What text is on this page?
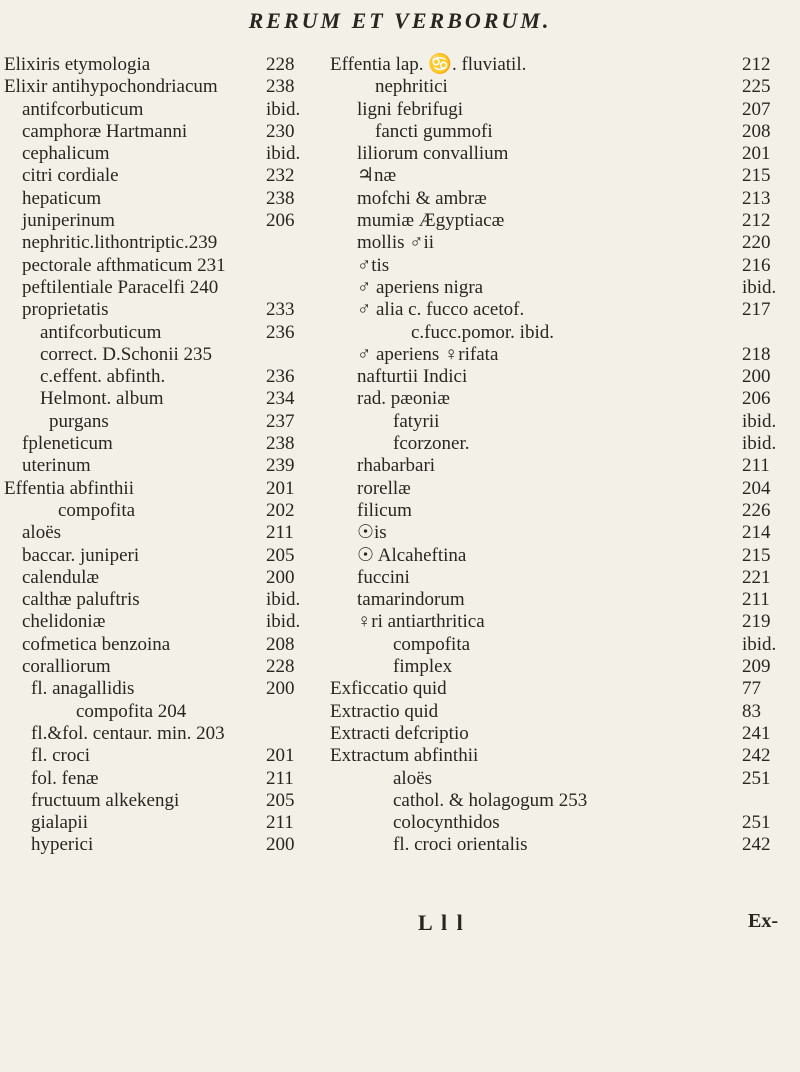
RERUM ET VERBORUM.
Elixiris etymologia	228
Elixir antihypochondriacum	238
antifcorbuticum	ibid.
camphoræ Hartmanni	230
cephalicum	ibid.
citri cordiale	232
hepaticum	238
juniperinum	206
nephritic.lithontriptic.239
pectorale afthmaticum 231
peftilentiale Paracelfi 240
proprietatis	233
antifcorbuticum	236
correct. D.Schonii 235
c.effent. abfinth.	236
Helmont. album	234
purgans	237
fpleneticum	238
uterinum	239
Effentia abfinthii	201
compofita	202
aloës	211
baccar. juniperi	205
calendulæ	200
calthæ paluftris	ibid.
chelidoniæ	ibid.
cofmetica benzoina	208
coralliorum	228
fl. anagallidis	200
compofita 204
fl.&fol. centaur. min. 203
fl. croci	201
fol. fenæ	211
fructuum alkekengi	205
gialapii	211
hyperici	200
Effentia lap. ♋. fluviatil.	212
nephritici	225
ligni febrifugi	207
fancti gummofi	208
liliorum convallium	201
♃næ	215
mofchi & ambræ	213
mumiæ Ægyptiacæ	212
mollis ♂ii	220
♂tis	216
♂ aperiens nigra	ibid.
♂ alia c. fucco acetof.	217
c.fucc.pomor. ibid.
♂ aperiens ♀rifata	218
nafturtii Indici	200
rad. pæoniæ	206
fatyrii	ibid.
fcorzoner.	ibid.
rhabarbari	211
rorellæ	204
filicum	226
☉is	214
☉ Alcaheftina	215
fuccini	221
tamarindorum	211
♀ri antiarthritica	219
compofita	ibid.
fimplex	209
Exficcatio quid	77
Extractio quid	83
Extracti defcriptio	241
Extractum abfinthii	242
aloës	251
cathol. & holagogum 253
colocynthidos	251
fl. croci orientalis	242
L l l	Ex-
